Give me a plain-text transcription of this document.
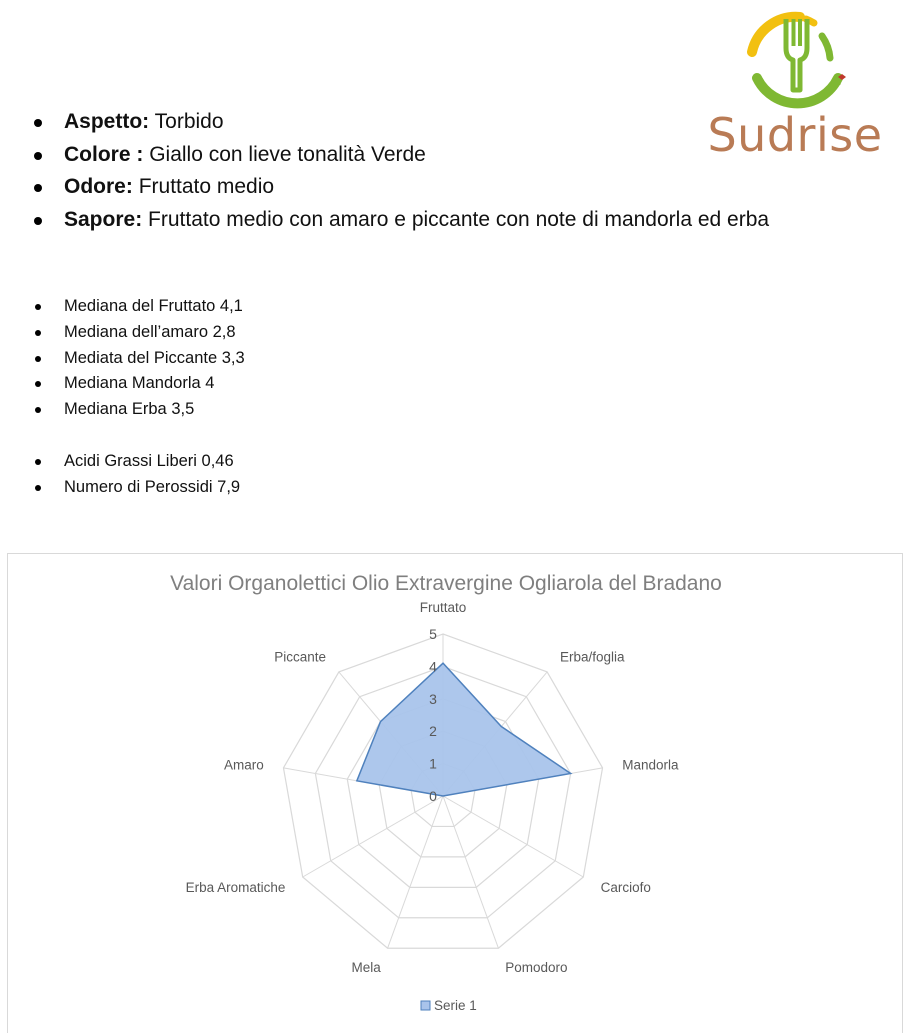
Sudrise
Aspetto: Torbido
Colore : Giallo con lieve tonalità Verde
Odore: Fruttato medio
Sapore: Fruttato medio con amaro e piccante con note di mandorla ed erba
Mediana del Fruttato 4,1
Mediana dell’amaro 2,8
Mediata del Piccante 3,3
Mediana Mandorla 4
Mediana Erba 3,5
Acidi Grassi Liberi 0,46
Numero di Perossidi 7,9
Valori Organolettici Olio Extravergine Ogliarola del Bradano
0
1
2
3
4
5
Fruttato
Erba/foglia
Mandorla
Carciofo
Pomodoro
Mela
Erba Aromatiche
Amaro
Piccante
Serie 1
